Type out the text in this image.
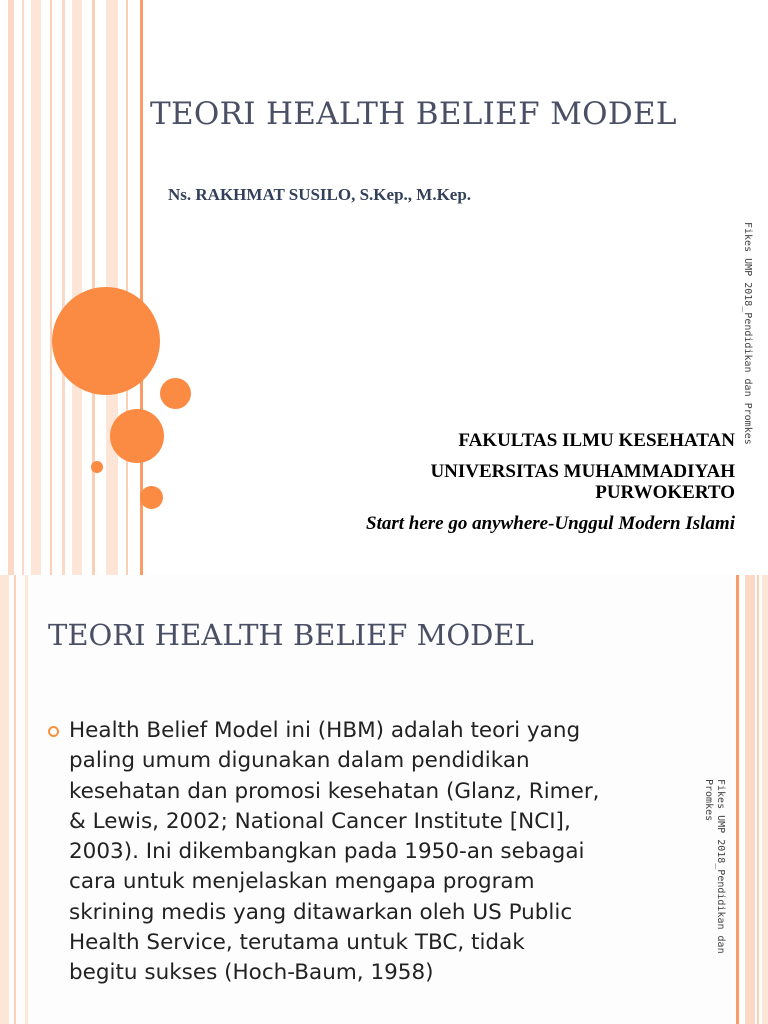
TEORI HEALTH BELIEF MODEL
Ns. RAKHMAT SUSILO, S.Kep., M.Kep.
FAKULTAS ILMU KESEHATAN
UNIVERSITAS MUHAMMADIYAH
PURWOKERTO
Start here go anywhere-Unggul Modern Islami
Fikes UMP 2018_Pendidikan dan Promkes
Fikes UMP 2018_Pendidikan dan
Promkes
TEORI HEALTH BELIEF MODEL
Health Belief Model ini (HBM) adalah teori yang
paling umum digunakan dalam pendidikan
kesehatan dan promosi kesehatan (Glanz, Rimer,
& Lewis, 2002; National Cancer Institute [NCI],
2003). Ini dikembangkan pada 1950-an sebagai
cara untuk menjelaskan mengapa program
skrining medis yang ditawarkan oleh US Public
Health Service, terutama untuk TBC, tidak
begitu sukses (Hoch-Baum, 1958)
